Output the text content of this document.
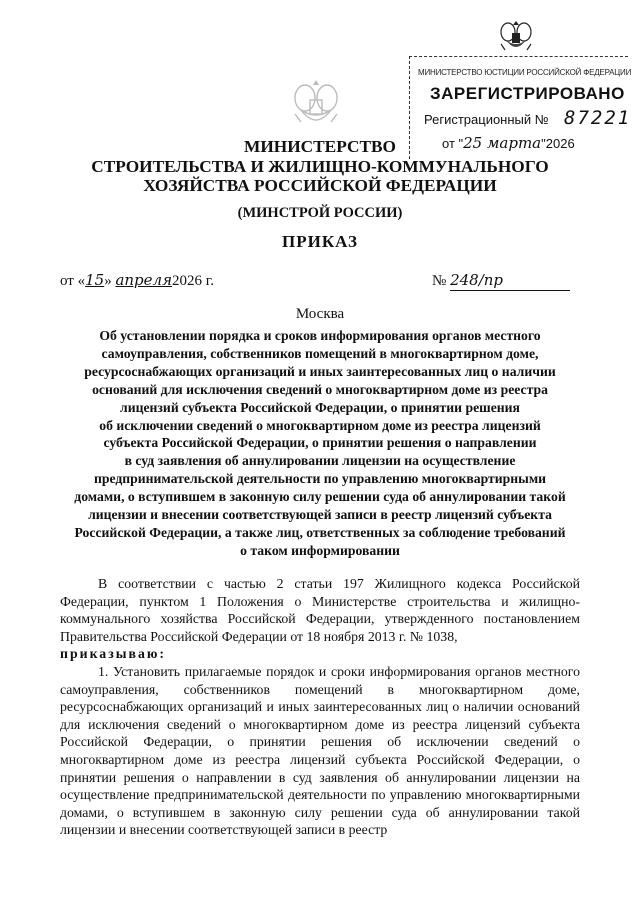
МИНИСТЕРСТВО ЮСТИЦИИ РОССИЙСКОЙ ФЕДЕРАЦИИ
ЗАРЕГИСТРИРОВАНО
Регистрационный № 87221
от "25 марта"2026
МИНИСТЕРСТВО
СТРОИТЕЛЬСТВА И ЖИЛИЩНО-КОММУНАЛЬНОГО
ХОЗЯЙСТВА РОССИЙСКОЙ ФЕДЕРАЦИИ
(МИНСТРОЙ РОССИИ)
ПРИКАЗ
от «15» апреля2026 г.	№ 248/пр
Москва
Об установлении порядка и сроков информирования органов местного
самоуправления, собственников помещений в многоквартирном доме,
ресурсоснабжающих организаций и иных заинтересованных лиц о наличии
оснований для исключения сведений о многоквартирном доме из реестра
лицензий субъекта Российской Федерации, о принятии решения
об исключении сведений о многоквартирном доме из реестра лицензий
субъекта Российской Федерации, о принятии решения о направлении
в суд заявления об аннулировании лицензии на осуществление
предпринимательской деятельности по управлению многоквартирными
домами, о вступившем в законную силу решении суда об аннулировании такой
лицензии и внесении соответствующей записи в реестр лицензий субъекта
Российской Федерации, а также лиц, ответственных за соблюдение требований
о таком информировании

В соответствии с частью 2 статьи 197 Жилищного кодекса Российской Федерации, пунктом 1 Положения о Министерстве строительства и жилищно-коммунального хозяйства Российской Федерации, утвержденного постановлением Правительства Российской Федерации от 18 ноября 2013 г. № 1038,

приказываю:

1. Установить прилагаемые порядок и сроки информирования органов местного самоуправления, собственников помещений в многоквартирном доме, ресурсоснабжающих организаций и иных заинтересованных лиц о наличии оснований для исключения сведений о многоквартирном доме из реестра лицензий субъекта Российской Федерации, о принятии решения об исключении сведений о многоквартирном доме из реестра лицензий субъекта Российской Федерации, о принятии решения о направлении в суд заявления об аннулировании лицензии на осуществление предпринимательской деятельности по управлению многоквартирными домами, о вступившем в законную силу решении суда об аннулировании такой лицензии и внесении соответствующей записи в реестр
